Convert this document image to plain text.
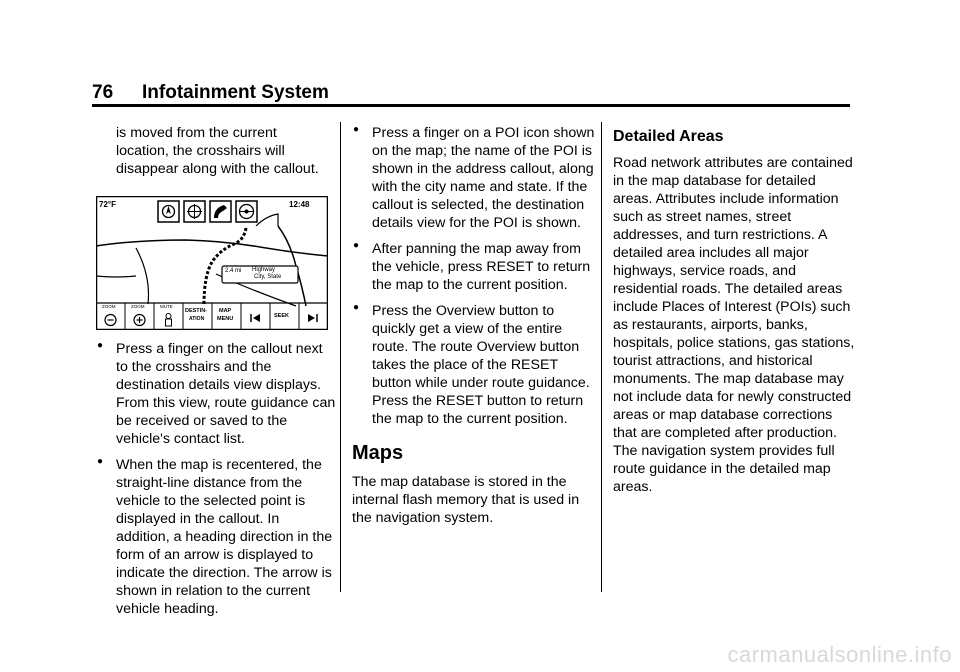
76 Infotainment System

is moved from the current location, the crosshairs will disappear along with the callout.

72°F	12:48
2.4 mi Highway
City, State
ZOOM	ZOOM	MUTE
DESTIN-
ATION
MAP
MENU	SEEK
● Press a finger on the callout next to the crosshairs and the destination details view displays. From this view, route guidance can be received or saved to the vehicle's contact list.

● When the map is recentered, the straight-line distance from the vehicle to the selected point is displayed in the callout. In addition, a heading direction in the form of an arrow is displayed to indicate the direction. The arrow is shown in relation to the current vehicle heading.

● Press a finger on a POI icon shown on the map; the name of the POI is shown in the address callout, along with the city name and state. If the callout is selected, the destination details view for the POI is shown.

● After panning the map away from the vehicle, press RESET to return the map to the current position.

● Press the Overview button to quickly get a view of the entire route. The route Overview button takes the place of the RESET button while under route guidance. Press the RESET button to return the map to the current position.

Maps

The map database is stored in the internal flash memory that is used in the navigation system.

Detailed Areas

Road network attributes are contained in the map database for detailed areas. Attributes include information such as street names, street addresses, and turn restrictions. A detailed area includes all major highways, service roads, and residential roads. The detailed areas include Places of Interest (POIs) such as restaurants, airports, banks, hospitals, police stations, gas stations, tourist attractions, and historical monuments. The map database may not include data for newly constructed areas or map database corrections that are completed after production. The navigation system provides full route guidance in the detailed map areas.

carmanualsonline.info
